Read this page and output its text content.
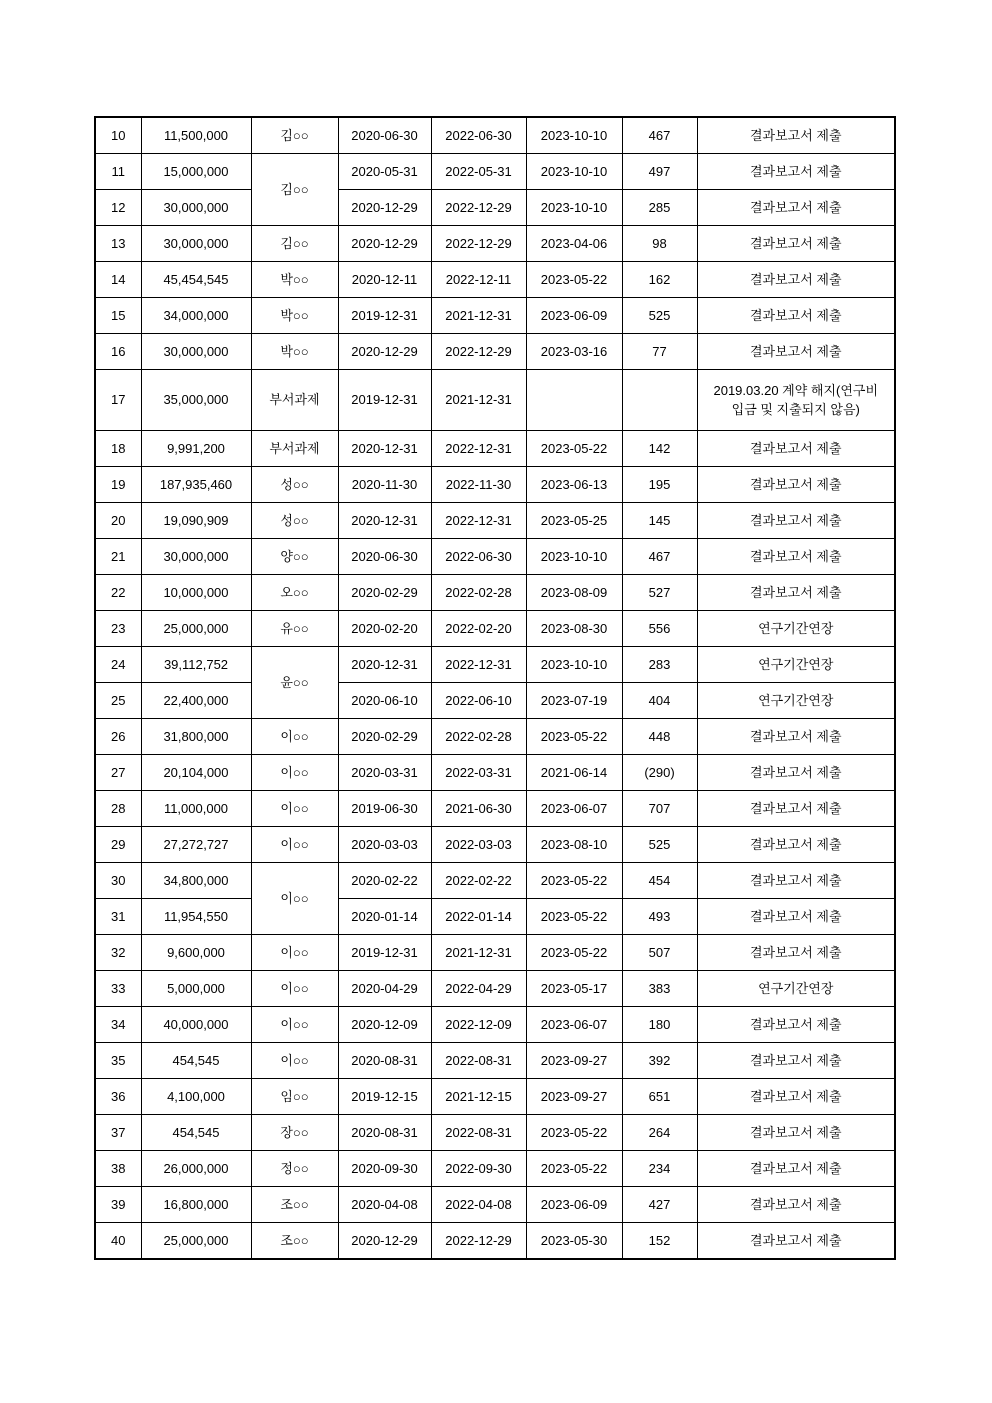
10	11,500,000	김○○	2020-06-30	2022-06-30	2023-10-10	467	결과보고서 제출
11	15,000,000	김○○	2020-05-31	2022-05-31	2023-10-10	497	결과보고서 제출
12	30,000,000		2020-12-29	2022-12-29	2023-10-10	285	결과보고서 제출
13	30,000,000	김○○	2020-12-29	2022-12-29	2023-04-06	98	결과보고서 제출
14	45,454,545	박○○	2020-12-11	2022-12-11	2023-05-22	162	결과보고서 제출
15	34,000,000	박○○	2019-12-31	2021-12-31	2023-06-09	525	결과보고서 제출
16	30,000,000	박○○	2020-12-29	2022-12-29	2023-03-16	77	결과보고서 제출
17	35,000,000	부서과제	2019-12-31	2021-12-31			2019.03.20 계약 해지(연구비 입금 및 지출되지 않음)
18	9,991,200	부서과제	2020-12-31	2022-12-31	2023-05-22	142	결과보고서 제출
19	187,935,460	성○○	2020-11-30	2022-11-30	2023-06-13	195	결과보고서 제출
20	19,090,909	성○○	2020-12-31	2022-12-31	2023-05-25	145	결과보고서 제출
21	30,000,000	양○○	2020-06-30	2022-06-30	2023-10-10	467	결과보고서 제출
22	10,000,000	오○○	2020-02-29	2022-02-28	2023-08-09	527	결과보고서 제출
23	25,000,000	유○○	2020-02-20	2022-02-20	2023-08-30	556	연구기간연장
24	39,112,752	윤○○	2020-12-31	2022-12-31	2023-10-10	283	연구기간연장
25	22,400,000		2020-06-10	2022-06-10	2023-07-19	404	연구기간연장
26	31,800,000	이○○	2020-02-29	2022-02-28	2023-05-22	448	결과보고서 제출
27	20,104,000	이○○	2020-03-31	2022-03-31	2021-06-14	(290)	결과보고서 제출
28	11,000,000	이○○	2019-06-30	2021-06-30	2023-06-07	707	결과보고서 제출
29	27,272,727	이○○	2020-03-03	2022-03-03	2023-08-10	525	결과보고서 제출
30	34,800,000	이○○	2020-02-22	2022-02-22	2023-05-22	454	결과보고서 제출
31	11,954,550		2020-01-14	2022-01-14	2023-05-22	493	결과보고서 제출
32	9,600,000	이○○	2019-12-31	2021-12-31	2023-05-22	507	결과보고서 제출
33	5,000,000	이○○	2020-04-29	2022-04-29	2023-05-17	383	연구기간연장
34	40,000,000	이○○	2020-12-09	2022-12-09	2023-06-07	180	결과보고서 제출
35	454,545	이○○	2020-08-31	2022-08-31	2023-09-27	392	결과보고서 제출
36	4,100,000	임○○	2019-12-15	2021-12-15	2023-09-27	651	결과보고서 제출
37	454,545	장○○	2020-08-31	2022-08-31	2023-05-22	264	결과보고서 제출
38	26,000,000	정○○	2020-09-30	2022-09-30	2023-05-22	234	결과보고서 제출
39	16,800,000	조○○	2020-04-08	2022-04-08	2023-06-09	427	결과보고서 제출
40	25,000,000	조○○	2020-12-29	2022-12-29	2023-05-30	152	결과보고서 제출
